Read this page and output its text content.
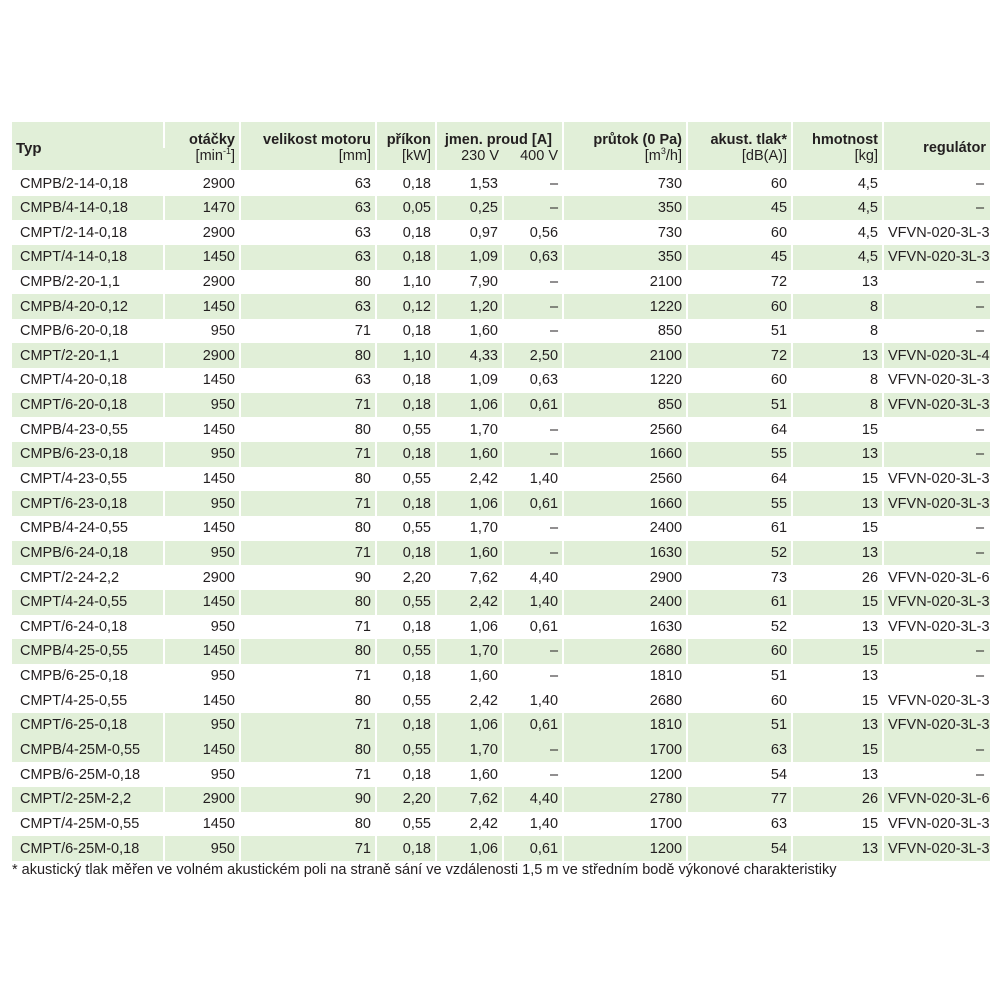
Typ	otáčky	velikost motoru	příkon	jmen. proud [A]		průtok (0 Pa)	akust. tlak*	hmotnost	regulátor
	$[\min^{-1}]$	[mm]	[kW]	230 V	400 V	$[m^3/h]$	[dB(A)]	[kg]	
CMPB/2-14-0,18	2900	63	0,18	1,53	–	730	60	4,5	–
CMPB/4-14-0,18	1470	63	0,05	0,25	–	350	45	4,5	–
CMPT/2-14-0,18	2900	63	0,18	0,97	0,56	730	60	4,5	VFVN-020-3L-3
CMPT/4-14-0,18	1450	63	0,18	1,09	0,63	350	45	4,5	VFVN-020-3L-3
CMPB/2-20-1,1	2900	80	1,10	7,90	–	2100	72	13	–
CMPB/4-20-0,12	1450	63	0,12	1,20	–	1220	60	8	–
CMPB/6-20-0,18	950	71	0,18	1,60	–	850	51	8	–
CMPT/2-20-1,1	2900	80	1,10	4,33	2,50	2100	72	13	VFVN-020-3L-4
CMPT/4-20-0,18	1450	63	0,18	1,09	0,63	1220	60	8	VFVN-020-3L-3
CMPT/6-20-0,18	950	71	0,18	1,06	0,61	850	51	8	VFVN-020-3L-3
CMPB/4-23-0,55	1450	80	0,55	1,70	–	2560	64	15	–
CMPB/6-23-0,18	950	71	0,18	1,60	–	1660	55	13	–
CMPT/4-23-0,55	1450	80	0,55	2,42	1,40	2560	64	15	VFVN-020-3L-3
CMPT/6-23-0,18	950	71	0,18	1,06	0,61	1660	55	13	VFVN-020-3L-3
CMPB/4-24-0,55	1450	80	0,55	1,70	–	2400	61	15	–
CMPB/6-24-0,18	950	71	0,18	1,60	–	1630	52	13	–
CMPT/2-24-2,2	2900	90	2,20	7,62	4,40	2900	73	26	VFVN-020-3L-6
CMPT/4-24-0,55	1450	80	0,55	2,42	1,40	2400	61	15	VFVN-020-3L-3
CMPT/6-24-0,18	950	71	0,18	1,06	0,61	1630	52	13	VFVN-020-3L-3
CMPB/4-25-0,55	1450	80	0,55	1,70	–	2680	60	15	–
CMPB/6-25-0,18	950	71	0,18	1,60	–	1810	51	13	–
CMPT/4-25-0,55	1450	80	0,55	2,42	1,40	2680	60	15	VFVN-020-3L-3
CMPT/6-25-0,18	950	71	0,18	1,06	0,61	1810	51	13	VFVN-020-3L-3
CMPB/4-25M-0,55	1450	80	0,55	1,70	–	1700	63	15	–
CMPB/6-25M-0,18	950	71	0,18	1,60	–	1200	54	13	–
CMPT/2-25M-2,2	2900	90	2,20	7,62	4,40	2780	77	26	VFVN-020-3L-6
CMPT/4-25M-0,55	1450	80	0,55	2,42	1,40	1700	63	15	VFVN-020-3L-3
CMPT/6-25M-0,18	950	71	0,18	1,06	0,61	1200	54	13	VFVN-020-3L-3
* akustický tlak měřen ve volném akustickém poli na straně sání ve vzdálenosti 1,5 m ve středním bodě výkonové charakteristiky
